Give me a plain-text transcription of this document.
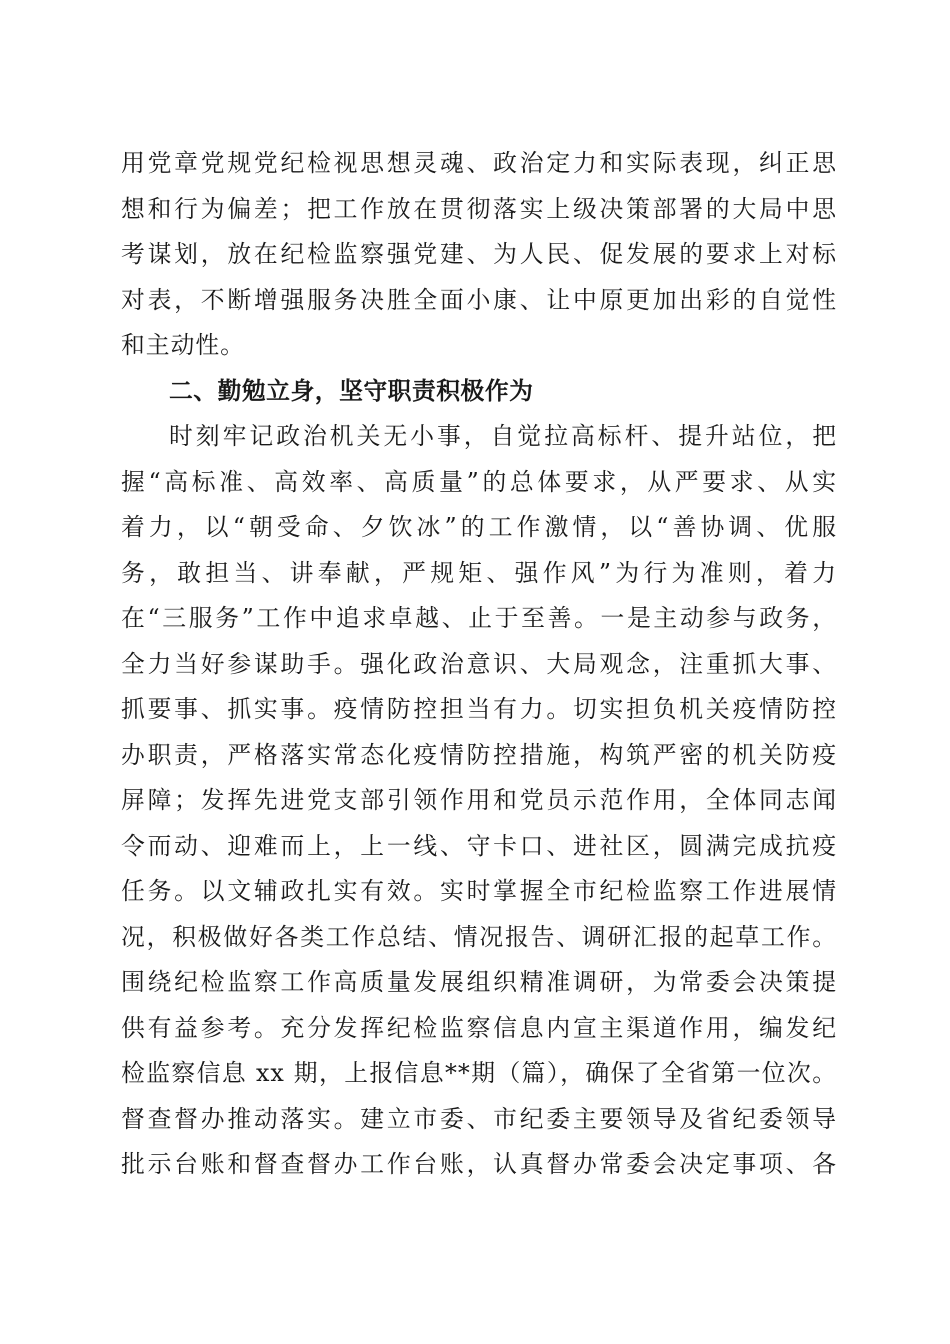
用党章党规党纪检视思想灵魂、政治定力和实际表现，纠正思
想和行为偏差；把工作放在贯彻落实上级决策部署的大局中思
考谋划，放在纪检监察强党建、为人民、促发展的要求上对标
对表，不断增强服务决胜全面小康、让中原更加出彩的自觉性
和主动性。
二、勤勉立身，坚守职责积极作为
时刻牢记政治机关无小事，自觉拉高标杆、提升站位，把
握“高标准、高效率、高质量”的总体要求，从严要求、从实
着力，以“朝受命、夕饮冰”的工作激情，以“善协调、优服
务，敢担当、讲奉献，严规矩、强作风”为行为准则，着力
在“三服务”工作中追求卓越、止于至善。一是主动参与政务，
全力当好参谋助手。强化政治意识、大局观念，注重抓大事、
抓要事、抓实事。疫情防控担当有力。切实担负机关疫情防控
办职责，严格落实常态化疫情防控措施，构筑严密的机关防疫
屏障；发挥先进党支部引领作用和党员示范作用，全体同志闻
令而动、迎难而上，上一线、守卡口、进社区，圆满完成抗疫
任务。以文辅政扎实有效。实时掌握全市纪检监察工作进展情
况，积极做好各类工作总结、情况报告、调研汇报的起草工作。
围绕纪检监察工作高质量发展组织精准调研，为常委会决策提
供有益参考。充分发挥纪检监察信息内宣主渠道作用，编发纪
检监察信息 xx 期，上报信息**期（篇），确保了全省第一位次。
督查督办推动落实。建立市委、市纪委主要领导及省纪委领导
批示台账和督查督办工作台账，认真督办常委会决定事项、各
